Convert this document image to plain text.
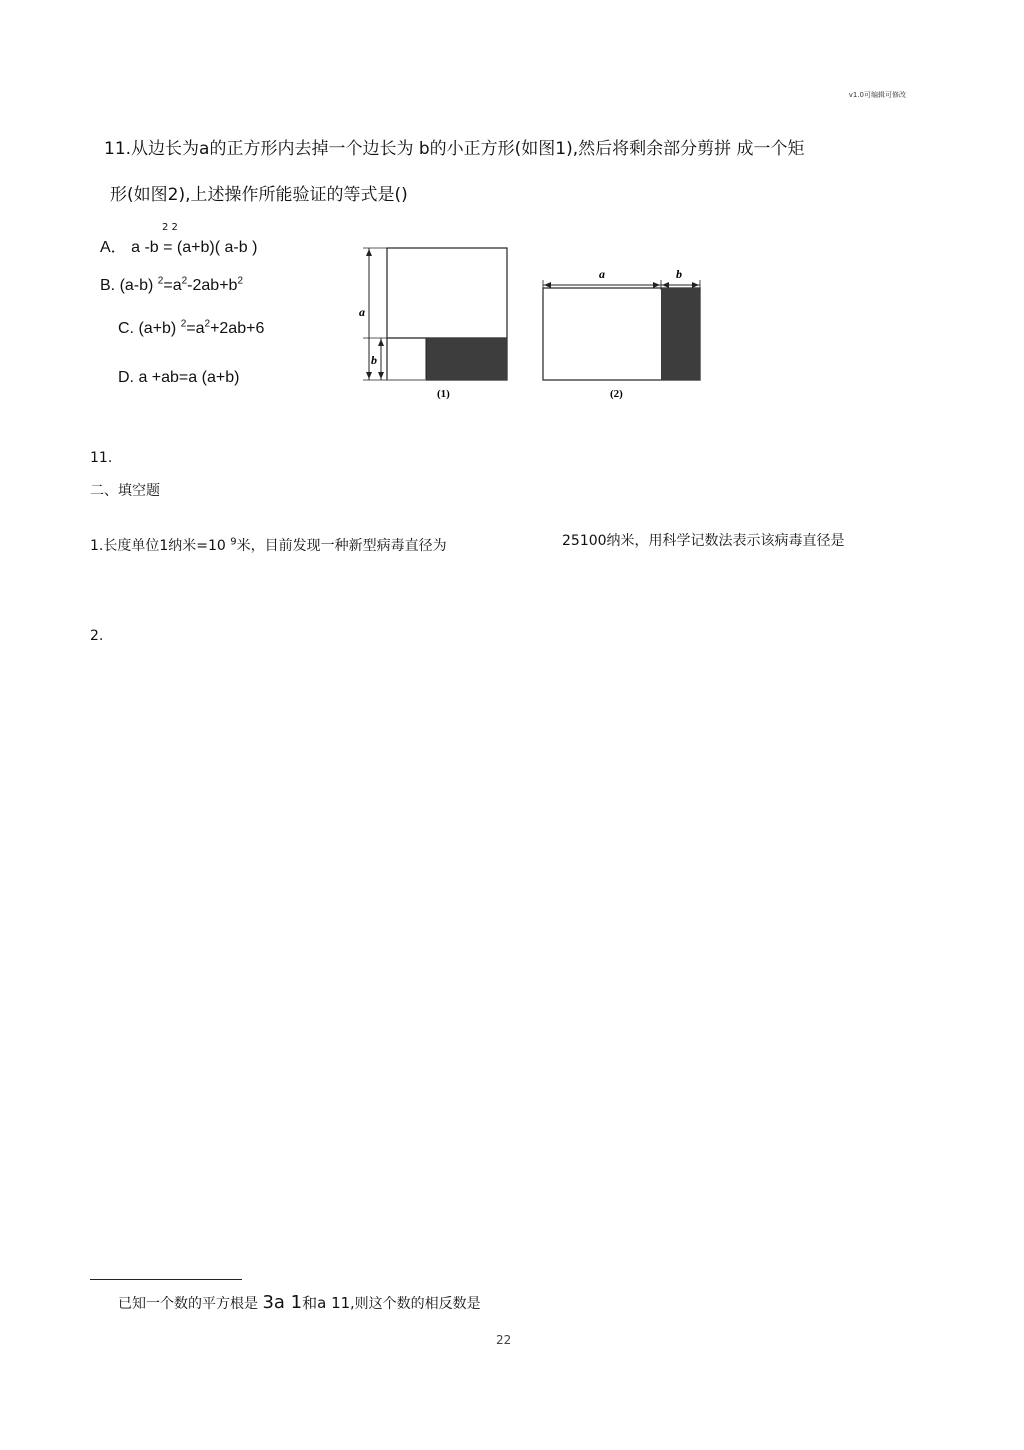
v1.0可编辑可修改
11.从边长为a的正方形内去掉一个边长为 b的小正方形(如图1),然后将剩余部分剪拼 成一个矩
形(如图2),上述操作所能验证的等式是()
2 2
A． a -b = (a+b)( a-b )
B. (a-b) $^2=a^2-2ab+b^2$
C. (a+b) $^2=a^2+2ab+6$
D. a +ab=a (a+b)
a
b
(1)
a	b
(2)
11.
二、填空题
1.长度单位1纳米=10 $^9$米，目前发现一种新型病毒直径为	25100纳米，用科学记数法表示该病毒直径是
2.
已知一个数的平方根是 3a 1和a 11,则这个数的相反数是
22
